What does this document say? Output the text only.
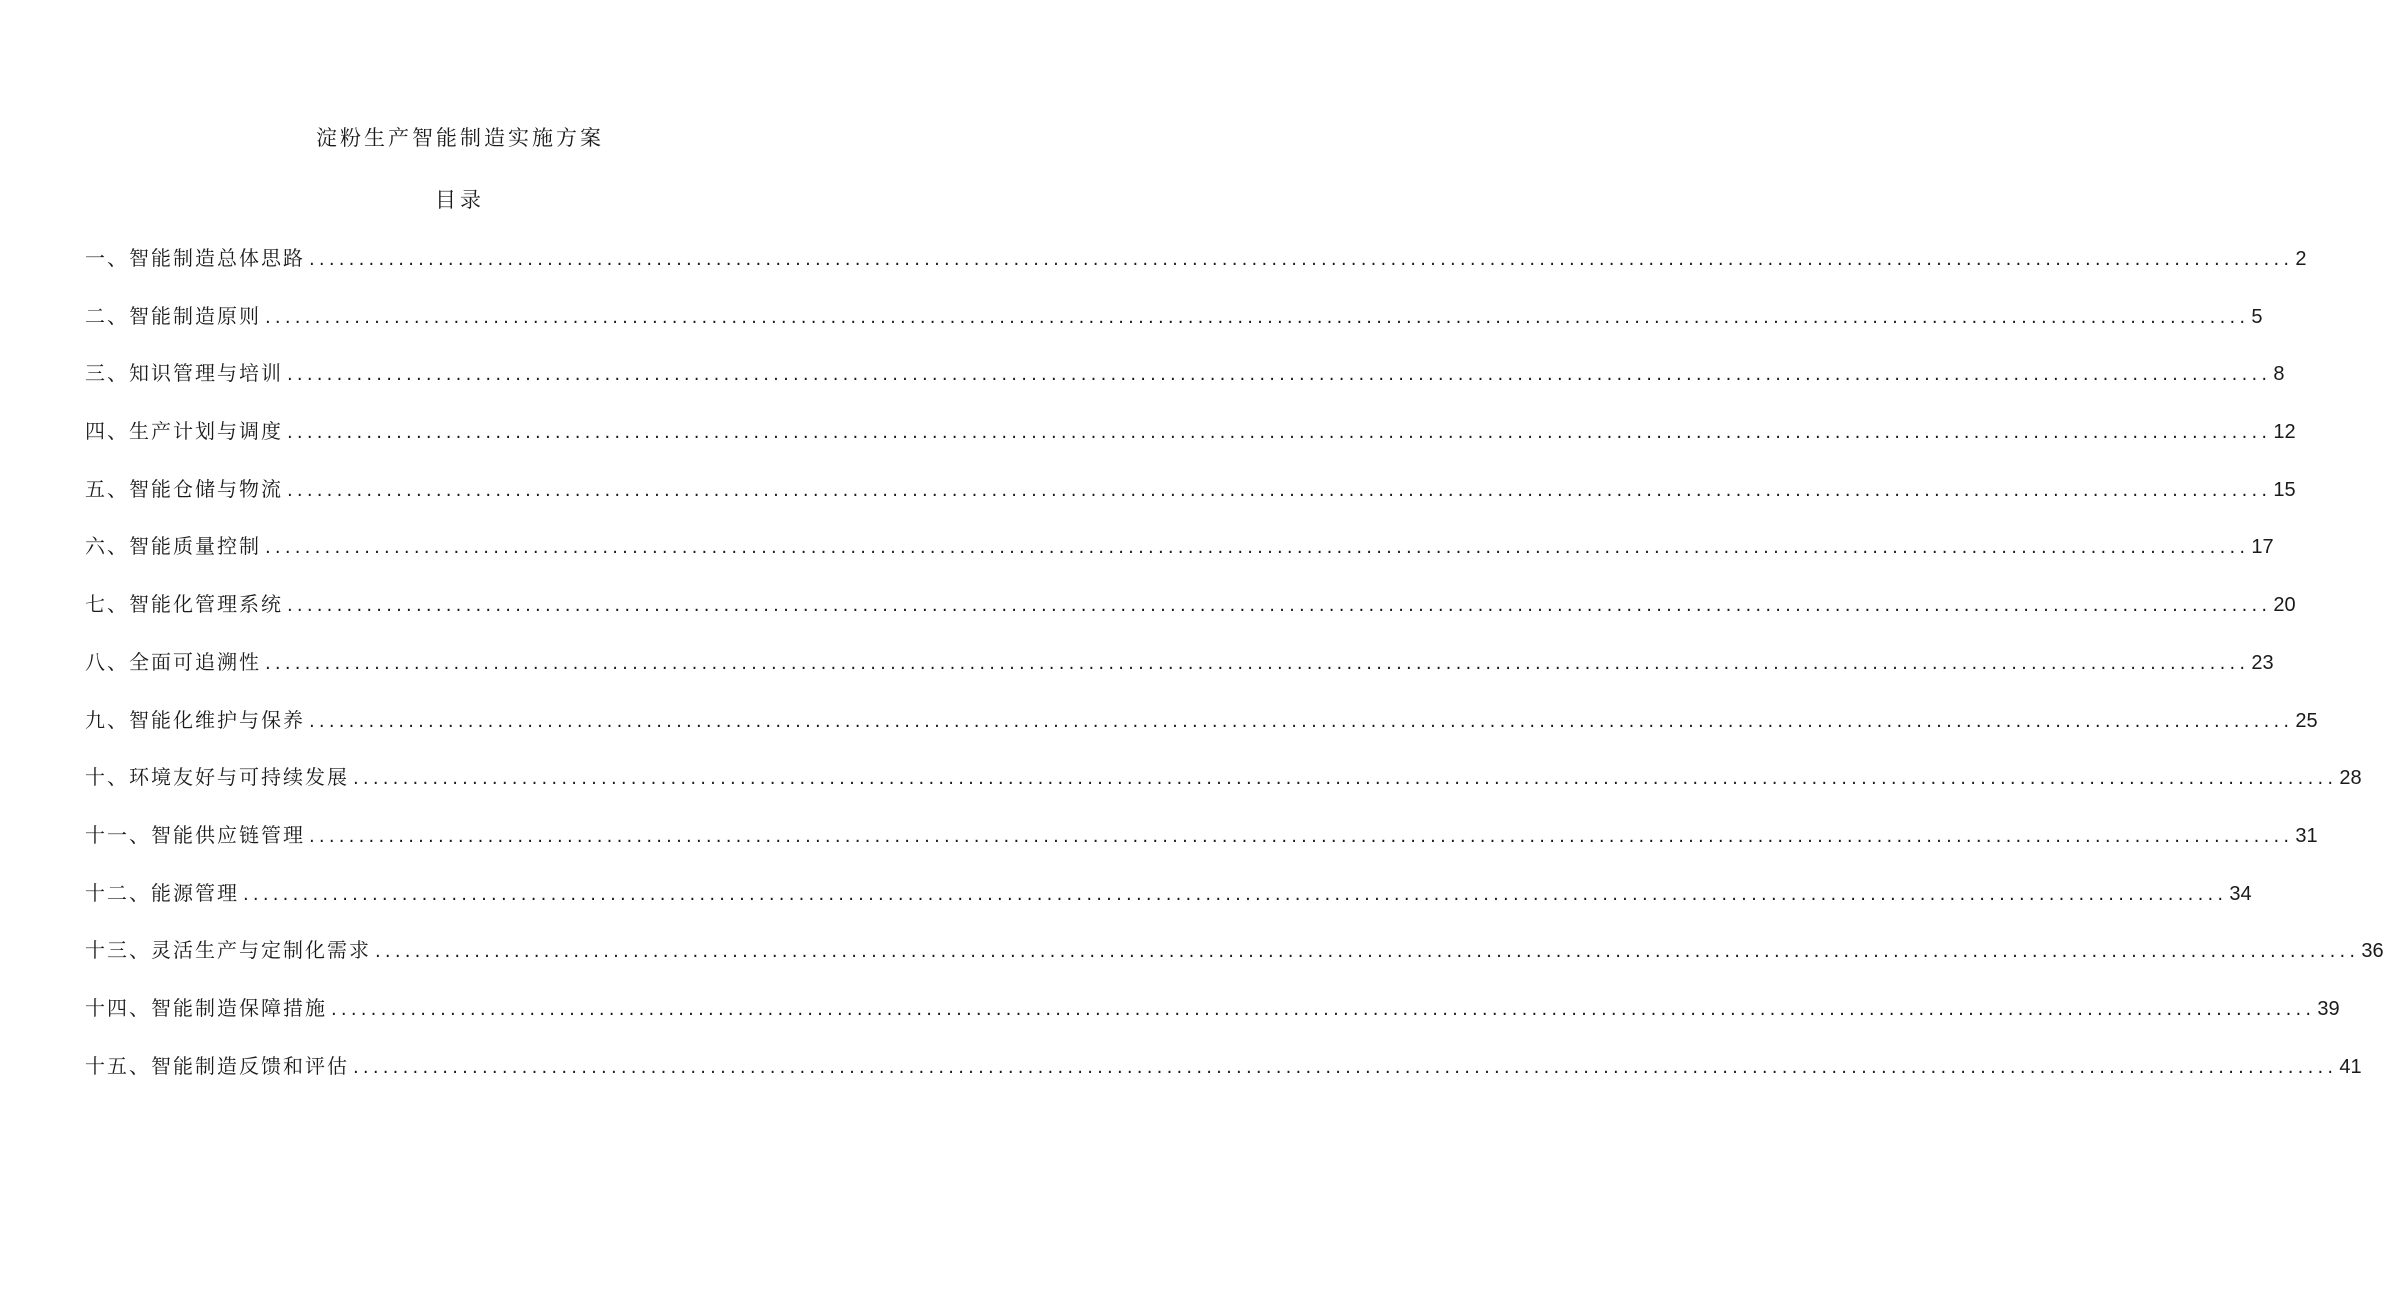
淀粉生产智能制造实施方案
目录
一、智能制造总体思路 ........................................................................................................................................................................................................ 2
二、智能制造原则 ........................................................................................................................................................................................................ 5
三、知识管理与培训 ........................................................................................................................................................................................................ 8
四、生产计划与调度 ........................................................................................................................................................................................................ 12
五、智能仓储与物流 ........................................................................................................................................................................................................ 15
六、智能质量控制 ........................................................................................................................................................................................................ 17
七、智能化管理系统 ........................................................................................................................................................................................................ 20
八、全面可追溯性 ........................................................................................................................................................................................................ 23
九、智能化维护与保养 ........................................................................................................................................................................................................ 25
十、环境友好与可持续发展 ........................................................................................................................................................................................................ 28
十一、智能供应链管理 ........................................................................................................................................................................................................ 31
十二、能源管理 ........................................................................................................................................................................................................ 34
十三、灵活生产与定制化需求 ........................................................................................................................................................................................................ 36
十四、智能制造保障措施 ........................................................................................................................................................................................................ 39
十五、智能制造反馈和评估 ........................................................................................................................................................................................................ 41
